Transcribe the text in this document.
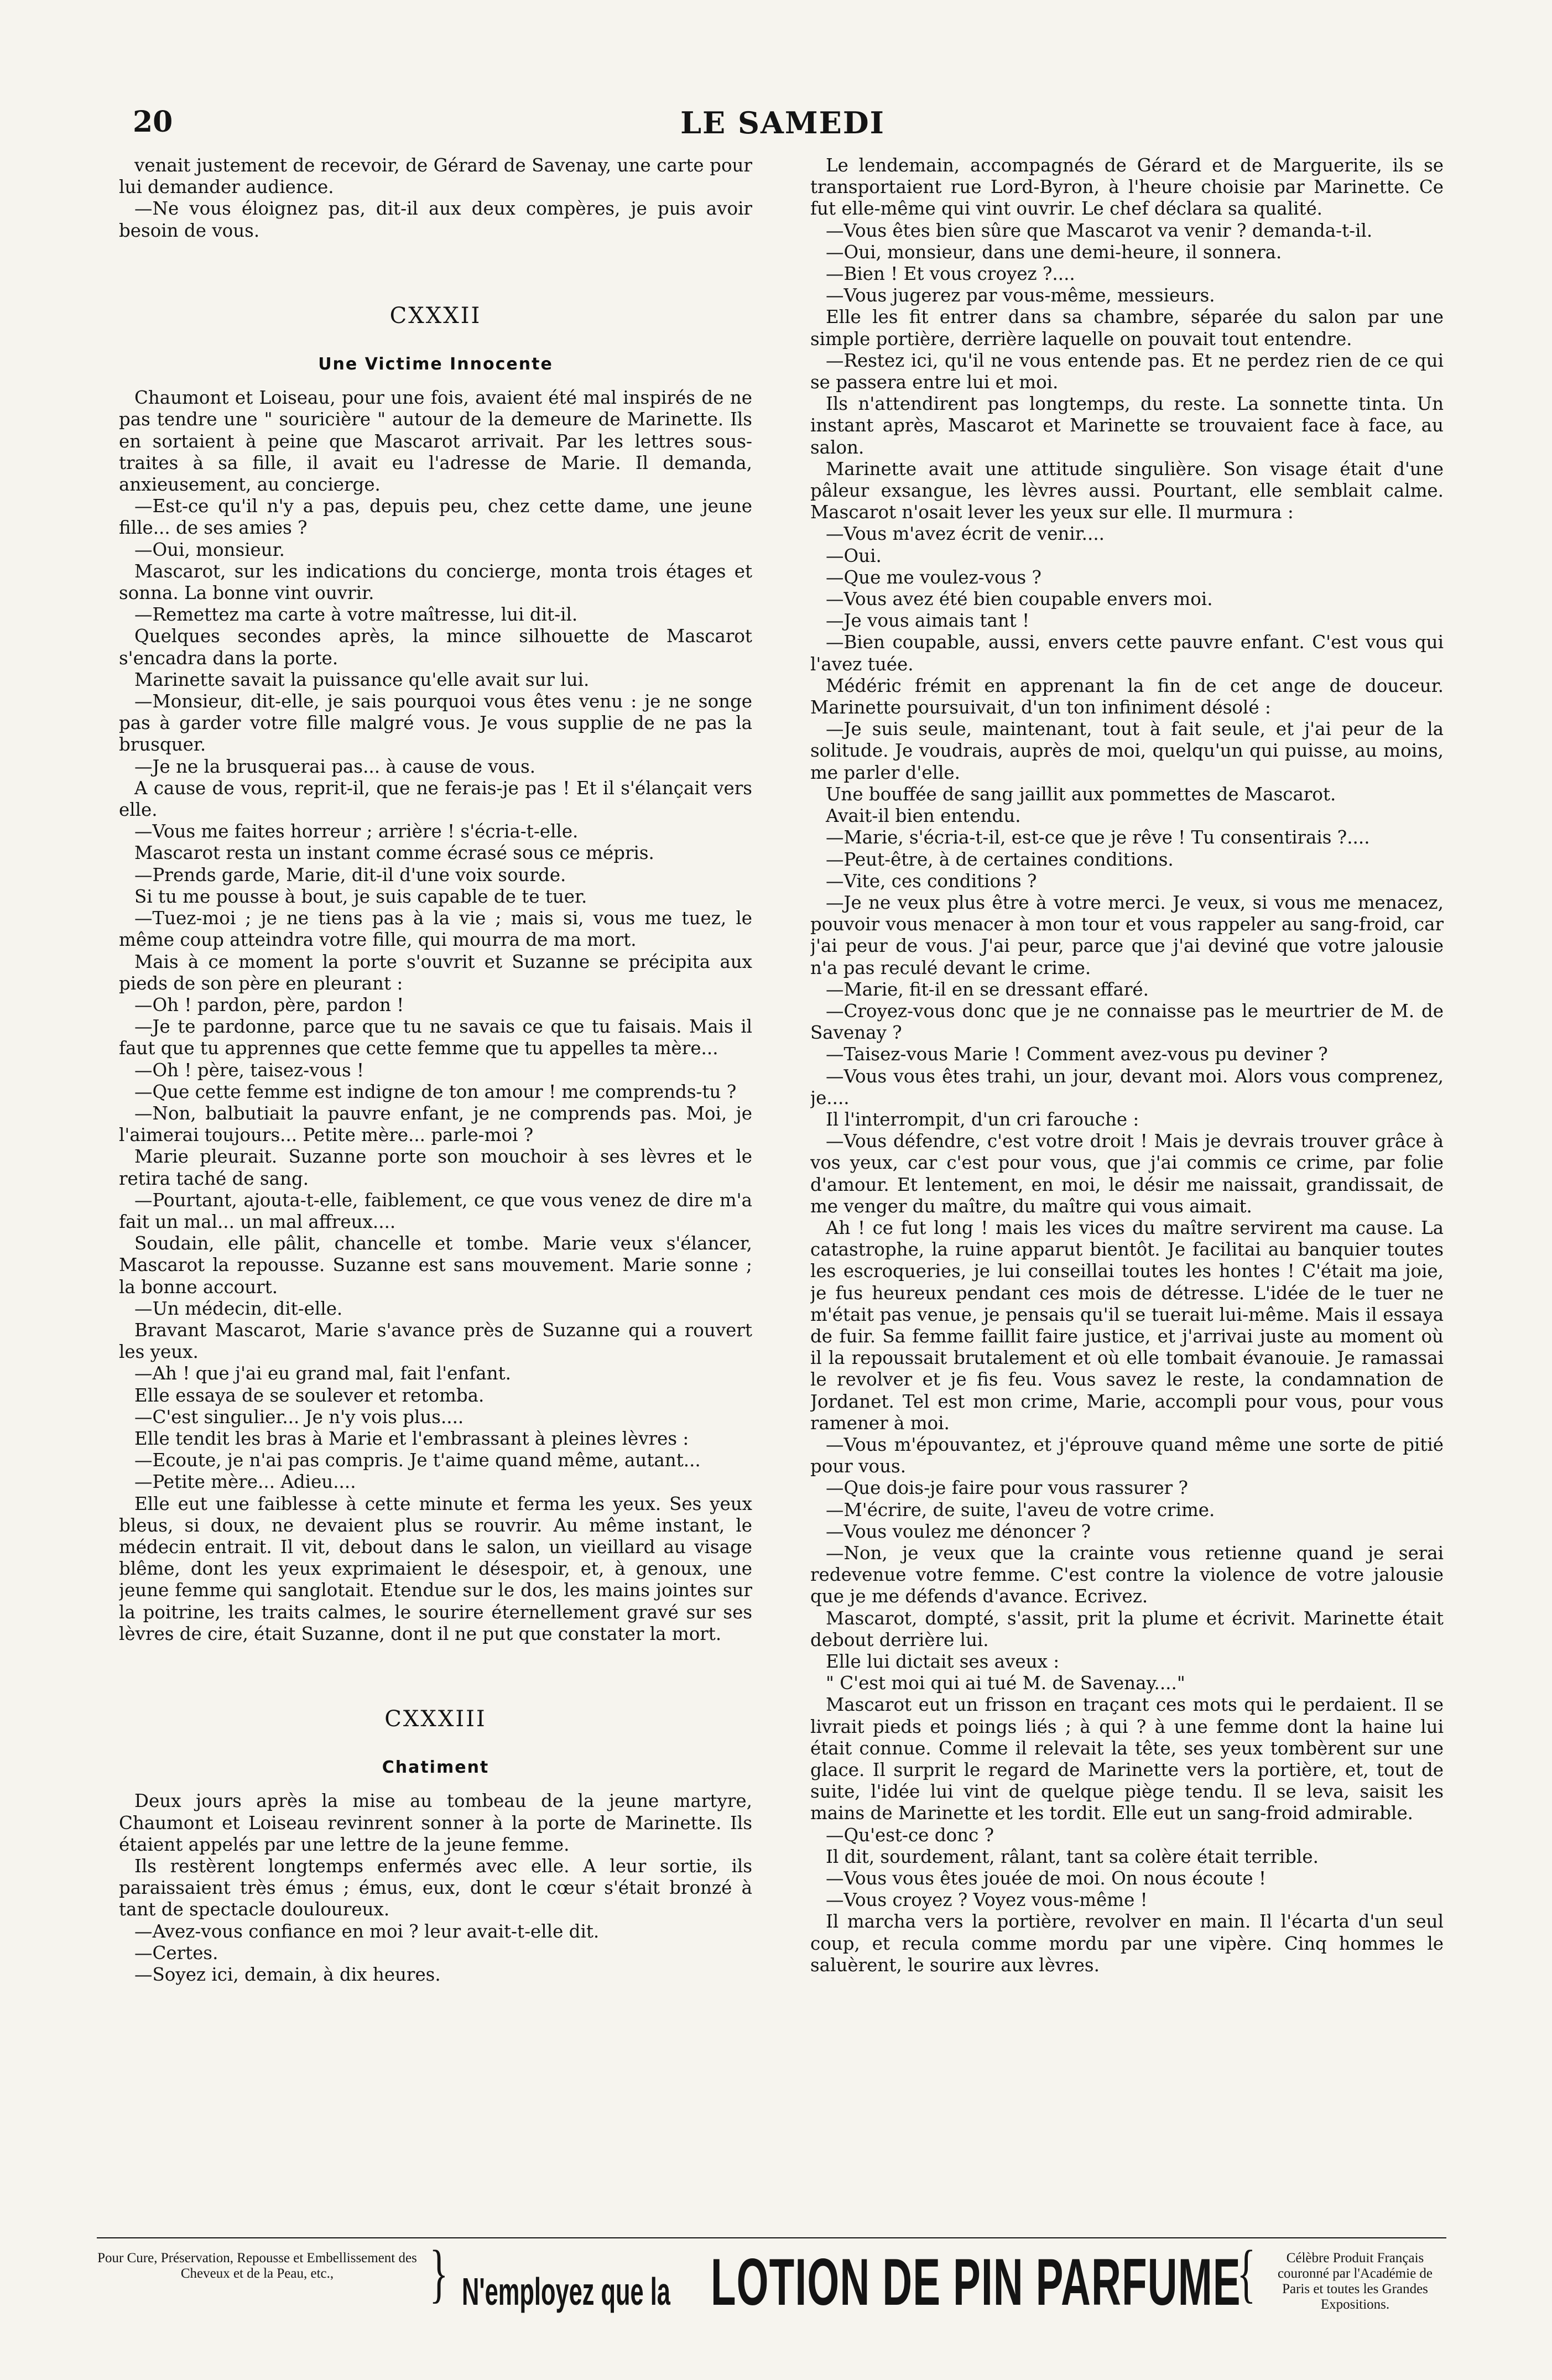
20	LE SAMEDI

venait justement de recevoir, de Gérard de Savenay, une carte pour lui demander audience.

—Ne vous éloignez pas, dit-il aux deux compères, je puis avoir besoin de vous.

CXXXII
Une Victime Innocente

Chaumont et Loiseau, pour une fois, avaient été mal inspirés de ne pas tendre une " souricière " autour de la demeure de Marinette. Ils en sortaient à peine que Mascarot arrivait. Par les lettres sous-traites à sa fille, il avait eu l'adresse de Marie. Il demanda, anxieusement, au concierge.

—Est-ce qu'il n'y a pas, depuis peu, chez cette dame, une jeune fille... de ses amies ?

—Oui, monsieur.

Mascarot, sur les indications du concierge, monta trois étages et sonna. La bonne vint ouvrir.

—Remettez ma carte à votre maîtresse, lui dit-il.

Quelques secondes après, la mince silhouette de Mascarot s'encadra dans la porte.

Marinette savait la puissance qu'elle avait sur lui.

—Monsieur, dit-elle, je sais pourquoi vous êtes venu : je ne songe pas à garder votre fille malgré vous. Je vous supplie de ne pas la brusquer.

—Je ne la brusquerai pas... à cause de vous.

A cause de vous, reprit-il, que ne ferais-je pas ! Et il s'élançait vers elle.

—Vous me faites horreur ; arrière ! s'écria-t-elle.

Mascarot resta un instant comme écrasé sous ce mépris.

—Prends garde, Marie, dit-il d'une voix sourde.

Si tu me pousse à bout, je suis capable de te tuer.

—Tuez-moi ; je ne tiens pas à la vie ; mais si, vous me tuez, le même coup atteindra votre fille, qui mourra de ma mort.

Mais à ce moment la porte s'ouvrit et Suzanne se précipita aux pieds de son père en pleurant :

—Oh ! pardon, père, pardon !

—Je te pardonne, parce que tu ne savais ce que tu faisais. Mais il faut que tu apprennes que cette femme que tu appelles ta mère...

—Oh ! père, taisez-vous !

—Que cette femme est indigne de ton amour ! me comprends-tu ?

—Non, balbutiait la pauvre enfant, je ne comprends pas. Moi, je l'aimerai toujours... Petite mère... parle-moi ?

Marie pleurait. Suzanne porte son mouchoir à ses lèvres et le retira taché de sang.

—Pourtant, ajouta-t-elle, faiblement, ce que vous venez de dire m'a fait un mal... un mal affreux....

Soudain, elle pâlit, chancelle et tombe. Marie veux s'élancer, Mascarot la repousse. Suzanne est sans mouvement. Marie sonne ; la bonne accourt.

—Un médecin, dit-elle.

Bravant Mascarot, Marie s'avance près de Suzanne qui a rouvert les yeux.

—Ah ! que j'ai eu grand mal, fait l'enfant.

Elle essaya de se soulever et retomba.

—C'est singulier... Je n'y vois plus....

Elle tendit les bras à Marie et l'embrassant à pleines lèvres :

—Ecoute, je n'ai pas compris. Je t'aime quand même, autant...

—Petite mère... Adieu....

Elle eut une faiblesse à cette minute et ferma les yeux. Ses yeux bleus, si doux, ne devaient plus se rouvrir. Au même instant, le médecin entrait. Il vit, debout dans le salon, un vieillard au visage blême, dont les yeux exprimaient le désespoir, et, à genoux, une jeune femme qui sanglotait. Etendue sur le dos, les mains jointes sur la poitrine, les traits calmes, le sourire éternellement gravé sur ses lèvres de cire, était Suzanne, dont il ne put que constater la mort.

CXXXIII
Chatiment

Deux jours après la mise au tombeau de la jeune martyre, Chaumont et Loiseau revinrent sonner à la porte de Marinette. Ils étaient appelés par une lettre de la jeune femme.

Ils restèrent longtemps enfermés avec elle. A leur sortie, ils paraissaient très émus ; émus, eux, dont le cœur s'était bronzé à tant de spectacle douloureux.

—Avez-vous confiance en moi ? leur avait-t-elle dit.

—Certes.

—Soyez ici, demain, à dix heures.

Le lendemain, accompagnés de Gérard et de Marguerite, ils se transportaient rue Lord-Byron, à l'heure choisie par Marinette. Ce fut elle-même qui vint ouvrir. Le chef déclara sa qualité.

—Vous êtes bien sûre que Mascarot va venir ? demanda-t-il.

—Oui, monsieur, dans une demi-heure, il sonnera.

—Bien ! Et vous croyez ?....

—Vous jugerez par vous-même, messieurs.

Elle les fit entrer dans sa chambre, séparée du salon par une simple portière, derrière laquelle on pouvait tout entendre.

—Restez ici, qu'il ne vous entende pas. Et ne perdez rien de ce qui se passera entre lui et moi.

Ils n'attendirent pas longtemps, du reste. La sonnette tinta. Un instant après, Mascarot et Marinette se trouvaient face à face, au salon.

Marinette avait une attitude singulière. Son visage était d'une pâleur exsangue, les lèvres aussi. Pourtant, elle semblait calme. Mascarot n'osait lever les yeux sur elle. Il murmura :

—Vous m'avez écrit de venir....

—Oui.

—Que me voulez-vous ?

—Vous avez été bien coupable envers moi.

—Je vous aimais tant !

—Bien coupable, aussi, envers cette pauvre enfant. C'est vous qui l'avez tuée.

Médéric frémit en apprenant la fin de cet ange de douceur. Marinette poursuivait, d'un ton infiniment désolé :

—Je suis seule, maintenant, tout à fait seule, et j'ai peur de la solitude. Je voudrais, auprès de moi, quelqu'un qui puisse, au moins, me parler d'elle.

Une bouffée de sang jaillit aux pommettes de Mascarot.

Avait-il bien entendu.

—Marie, s'écria-t-il, est-ce que je rêve ! Tu consentirais ?....

—Peut-être, à de certaines conditions.

—Vite, ces conditions ?

—Je ne veux plus être à votre merci. Je veux, si vous me menacez, pouvoir vous menacer à mon tour et vous rappeler au sang-froid, car j'ai peur de vous. J'ai peur, parce que j'ai deviné que votre jalousie n'a pas reculé devant le crime.

—Marie, fit-il en se dressant effaré.

—Croyez-vous donc que je ne connaisse pas le meurtrier de M. de Savenay ?

—Taisez-vous Marie ! Comment avez-vous pu deviner ?

—Vous vous êtes trahi, un jour, devant moi. Alors vous comprenez, je....

Il l'interrompit, d'un cri farouche :

—Vous défendre, c'est votre droit ! Mais je devrais trouver grâce à vos yeux, car c'est pour vous, que j'ai commis ce crime, par folie d'amour. Et lentement, en moi, le désir me naissait, grandissait, de me venger du maître, du maître qui vous aimait.

Ah ! ce fut long ! mais les vices du maître servirent ma cause. La catastrophe, la ruine apparut bientôt. Je facilitai au banquier toutes les escroqueries, je lui conseillai toutes les hontes ! C'était ma joie, je fus heureux pendant ces mois de détresse. L'idée de le tuer ne m'était pas venue, je pensais qu'il se tuerait lui-même. Mais il essaya de fuir. Sa femme faillit faire justice, et j'arrivai juste au moment où il la repoussait brutalement et où elle tombait évanouie. Je ramassai le revolver et je fis feu. Vous savez le reste, la condamnation de Jordanet. Tel est mon crime, Marie, accompli pour vous, pour vous ramener à moi.

—Vous m'épouvantez, et j'éprouve quand même une sorte de pitié pour vous.

—Que dois-je faire pour vous rassurer ?

—M'écrire, de suite, l'aveu de votre crime.

—Vous voulez me dénoncer ?

—Non, je veux que la crainte vous retienne quand je serai redevenue votre femme. C'est contre la violence de votre jalousie que je me défends d'avance. Ecrivez.

Mascarot, dompté, s'assit, prit la plume et écrivit. Marinette était debout derrière lui.

Elle lui dictait ses aveux :

" C'est moi qui ai tué M. de Savenay...."

Mascarot eut un frisson en traçant ces mots qui le perdaient. Il se livrait pieds et poings liés ; à qui ? à une femme dont la haine lui était connue. Comme il relevait la tête, ses yeux tombèrent sur une glace. Il surprit le regard de Marinette vers la portière, et, tout de suite, l'idée lui vint de quelque piège tendu. Il se leva, saisit les mains de Marinette et les tordit. Elle eut un sang-froid admirable.

—Qu'est-ce donc ?

Il dit, sourdement, râlant, tant sa colère était terrible.

—Vous vous êtes jouée de moi. On nous écoute !

—Vous croyez ? Voyez vous-même !

Il marcha vers la portière, revolver en main. Il l'écarta d'un seul coup, et recula comme mordu par une vipère. Cinq hommes le saluèrent, le sourire aux lèvres.

Pour Cure, Préservation, Repousse et Embellissement des Cheveux et de la Peau, etc.,	} N'employez que la LOTION DE PIN PARFUME
{	Célèbre Produit Français couronné par l'Académie de Paris et toutes les Grandes Expositions.
